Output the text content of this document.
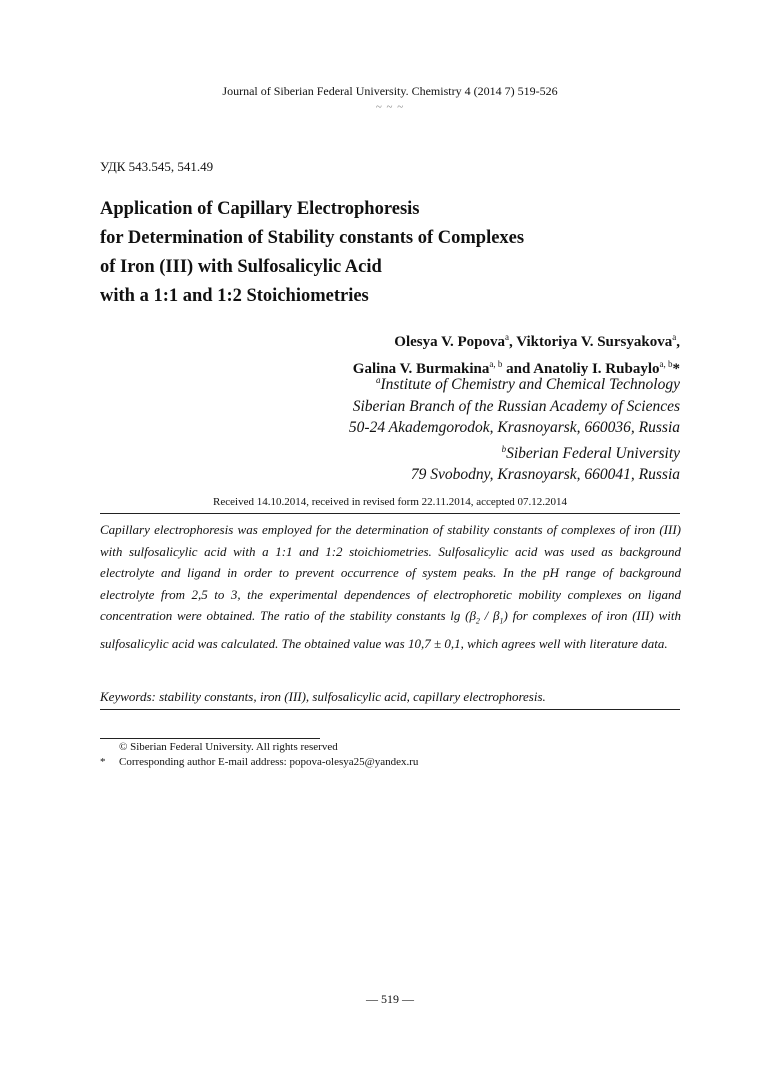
Journal of Siberian Federal University. Chemistry 4 (2014 7) 519-526
~ ~ ~
УДК 543.545, 541.49
Application of Capillary Electrophoresis
for Determination of Stability constants of Complexes
of Iron (III) with Sulfosalicylic Acid
with a 1:1 and 1:2 Stoichiometries
Olesya V. Popova$^a$, Viktoriya V. Sursyakova$^a$,
Galina V. Burmakina$^{a, b}$ and Anatoliy I. Rubaylo$^{a, b}$*
$^a$Institute of Chemistry and Chemical Technology
Siberian Branch of the Russian Academy of Sciences
50-24 Akademgorodok, Krasnoyarsk, 660036, Russia
$^b$Siberian Federal University
79 Svobodny, Krasnoyarsk, 660041, Russia
Received 14.10.2014, received in revised form 22.11.2014, accepted 07.12.2014
Capillary electrophoresis was employed for the determination of stability constants of complexes of iron (III) with sulfosalicylic acid with a 1:1 and 1:2 stoichiometries. Sulfosalicylic acid was used as background electrolyte and ligand in order to prevent occurrence of system peaks. In the pH range of background electrolyte from 2,5 to 3, the experimental dependences of electrophoretic mobility complexes on ligand concentration were obtained. The ratio of the stability constants $\lg (\beta_2 / \beta_1)$ for complexes of iron (III) with sulfosalicylic acid was calculated. The obtained value was 10,7 ± 0,1, which agrees well with literature data.
Keywords: stability constants, iron (III), sulfosalicylic acid, capillary electrophoresis.
© Siberian Federal University. All rights reserved
* Corresponding author E-mail address: popova-olesya25@yandex.ru
— 519 —
